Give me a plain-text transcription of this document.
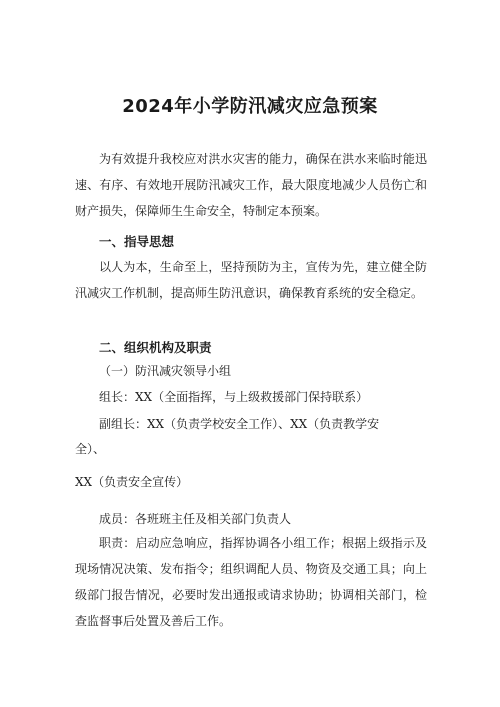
2024年小学防汛减灾应急预案

为有效提升我校应对洪水灾害的能力，确保在洪水来临时能迅速、有序、有效地开展防汛减灾工作，最大限度地减少人员伤亡和财产损失，保障师生生命安全，特制定本预案。

一、指导思想

以人为本，生命至上，坚持预防为主，宣传为先，建立健全防汛减灾工作机制，提高师生防汛意识，确保教育系统的安全稳定。

二、组织机构及职责

（一）防汛减灾领导小组

组长：XX（全面指挥，与上级救援部门保持联系）

副组长：XX（负责学校安全工作）、XX（负责教学安

全）、

XX（负责安全宣传）

成员：各班班主任及相关部门负责人

职责：启动应急响应，指挥协调各小组工作；根据上级指示及现场情况决策、发布指令；组织调配人员、物资及交通工具；向上级部门报告情况，必要时发出通报或请求协助；协调相关部门，检查监督事后处置及善后工作。
